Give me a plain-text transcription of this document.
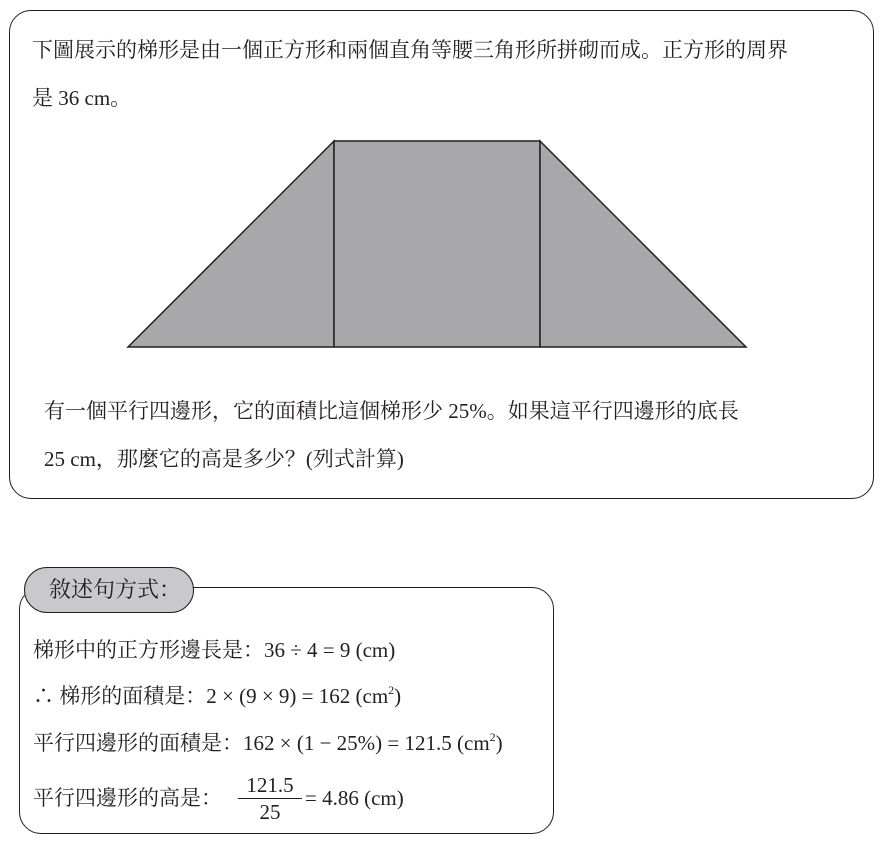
下圖展示的梯形是由一個正方形和兩個直角等腰三角形所拼砌而成。正方形的周界
是 36 cm。
有一個平行四邊形，它的面積比這個梯形少 25%。如果這平行四邊形的底長
25 cm，那麼它的高是多少？(列式計算)
敘述句方式：
梯形中的正方形邊長是：36 ÷ 4 = 9 (cm)
∴ 梯形的面積是：2 × (9 × 9) = 162 $(cm^2)$
平行四邊形的面積是：162 × (1 − 25%) = 121.5 $(cm^2)$
平行四邊形的高是： $\frac{121.5}{25} = 4.86$ (cm)
